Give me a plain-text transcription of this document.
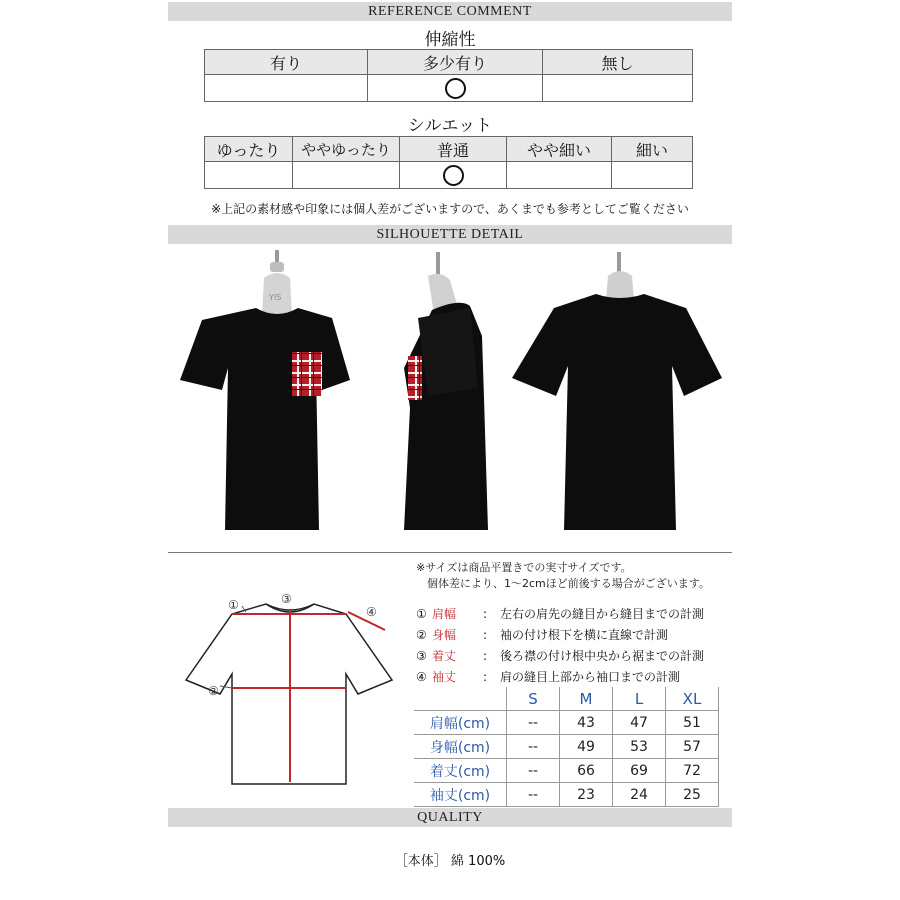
REFERENCE COMMENT
伸縮性
有り	多少有り	無し

シルエット
ゆったり	ややゆったり	普通	やや細い	細い

※上記の素材感や印象には個人差がございますので、あくまでも参考としてご覧ください
SILHOUETTE DETAIL
YIS
※サイズは商品平置きでの実寸サイズです。
個体差により、1〜2cmほど前後する場合がございます。
①	③
④
②
① 肩幅 : 左右の肩先の縫目から縫目までの計測
② 身幅 : 袖の付け根下を横に直線で計測
③ 着丈 : 後ろ襟の付け根中央から裾までの計測
④ 袖丈 : 肩の縫目上部から袖口までの計測
	S	M	L	XL
肩幅(cm)	--	43	47	51
身幅(cm)	--	49	53	57
着丈(cm)	--	66	69	72
袖丈(cm)	--	23	24	25
QUALITY
［本体］ 綿 100%
